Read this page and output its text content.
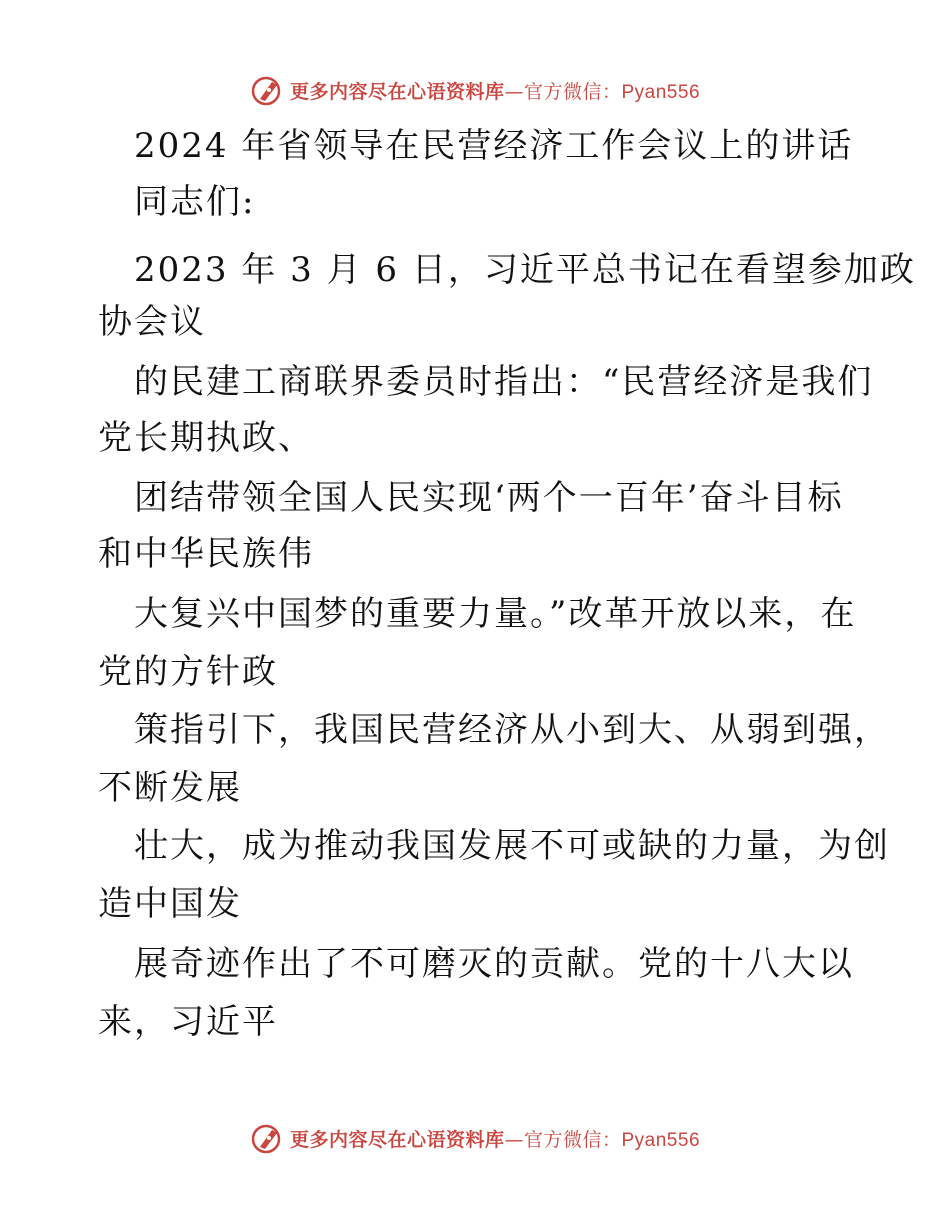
更多内容尽在心语资料库—官方微信：Pyan556
2024 年省领导在民营经济工作会议上的讲话
同志们:
2023 年 3 月 6 日，习近平总书记在看望参加政
协会议
的民建工商联界委员时指出：“民营经济是我们
党长期执政、
团结带领全国人民实现‘两个一百年’奋斗目标
和中华民族伟
大复兴中国梦的重要力量。”改革开放以来，在
党的方针政
策指引下，我国民营经济从小到大、从弱到强，
不断发展
壮大，成为推动我国发展不可或缺的力量，为创
造中国发
展奇迹作出了不可磨灭的贡献。党的十八大以
来，习近平
更多内容尽在心语资料库—官方微信：Pyan556
